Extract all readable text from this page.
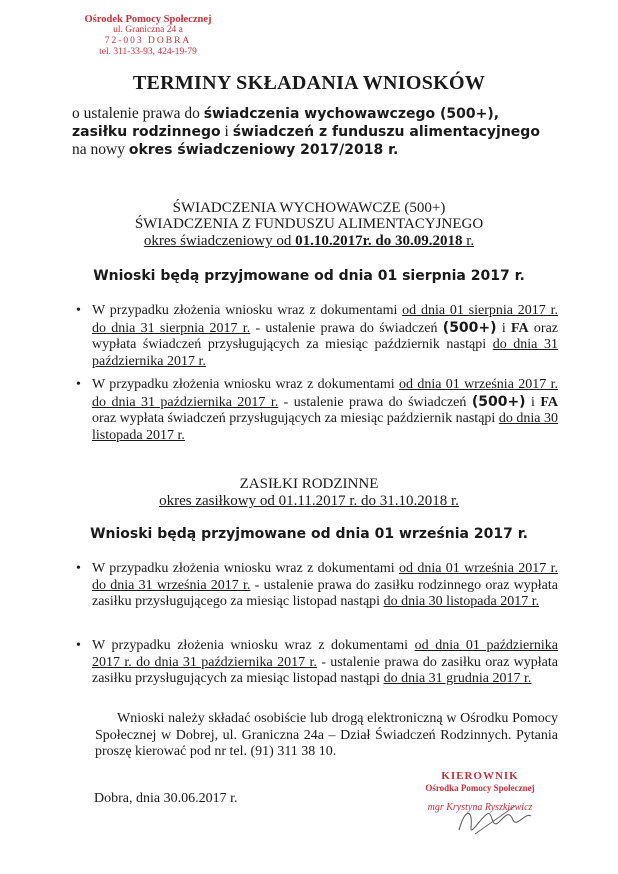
Ośrodek Pomocy Społecznej
ul. Graniczna 24 a
72-003 DOBRA
tel. 311-33-93, 424-19-79
TERMINY SKŁADANIA WNIOSKÓW
o ustalenie prawa do świadczenia wychowawczego (500+), zasiłku rodzinnego i świadczeń z funduszu alimentacyjnego na nowy okres świadczeniowy 2017/2018 r.
ŚWIADCZENIA WYCHOWAWCZE (500+)
ŚWIADCZENIA Z FUNDUSZU ALIMENTACYJNEGO
okres świadczeniowy od 01.10.2017r. do 30.09.2018 r.
Wnioski będą przyjmowane od dnia 01 sierpnia 2017 r.
• W przypadku złożenia wniosku wraz z dokumentami od dnia 01 sierpnia 2017 r. do dnia 31 sierpnia 2017 r. - ustalenie prawa do świadczeń (500+) i FA oraz wypłata świadczeń przysługujących za miesiąc październik nastąpi do dnia 31 października 2017 r.

• W przypadku złożenia wniosku wraz z dokumentami od dnia 01 września 2017 r. do dnia 31 października 2017 r. - ustalenie prawa do świadczeń (500+) i FA oraz wypłata świadczeń przysługujących za miesiąc październik nastąpi do dnia 30 listopada 2017 r.

ZASIŁKI RODZINNE
okres zasiłkowy od 01.11.2017 r. do 31.10.2018 r.
Wnioski będą przyjmowane od dnia 01 września 2017 r.
• W przypadku złożenia wniosku wraz z dokumentami od dnia 01 września 2017 r. do dnia 31 września 2017 r. - ustalenie prawa do zasiłku rodzinnego oraz wypłata zasiłku przysługującego za miesiąc listopad nastąpi do dnia 30 listopada 2017 r.

• W przypadku złożenia wniosku wraz z dokumentami od dnia 01 października 2017 r. do dnia 31 października 2017 r. - ustalenie prawa do zasiłku oraz wypłata zasiłku przysługujących za miesiąc listopad nastąpi do dnia 31 grudnia 2017 r.

Wnioski należy składać osobiście lub drogą elektroniczną w Ośrodku Pomocy Społecznej w Dobrej, ul. Graniczna 24a – Dział Świadczeń Rodzinnych. Pytania proszę kierować pod nr tel. (91) 311 38 10.
Dobra, dnia 30.06.2017 r.
KIEROWNIK
Ośrodka Pomocy Społecznej
mgr Krystyna Ryszkiewicz
